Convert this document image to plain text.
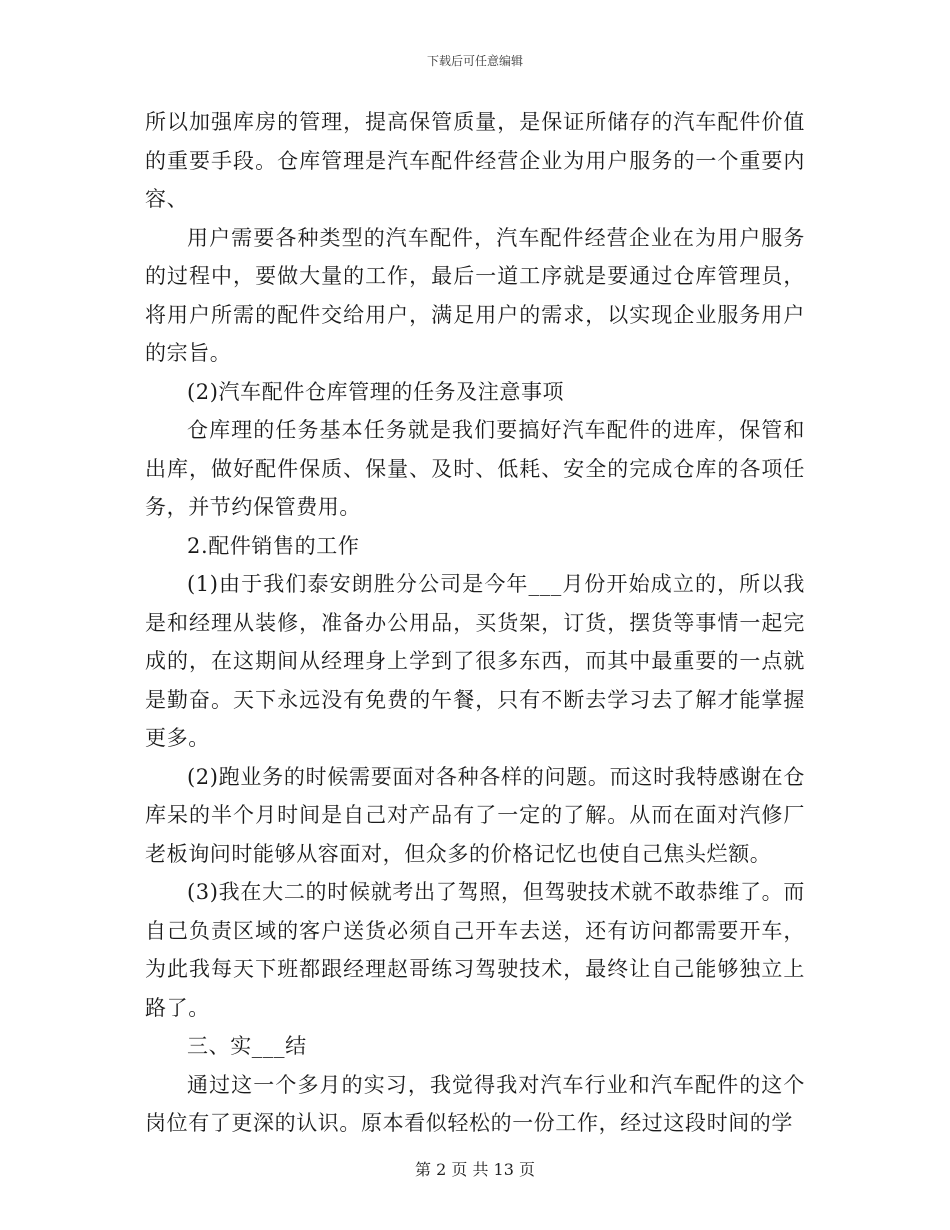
下载后可任意编辑

所以加强库房的管理，提高保管质量，是保证所储存的汽车配件价值的重要手段。仓库管理是汽车配件经营企业为用户服务的一个重要内容、

用户需要各种类型的汽车配件，汽车配件经营企业在为用户服务的过程中，要做大量的工作，最后一道工序就是要通过仓库管理员，将用户所需的配件交给用户，满足用户的需求，以实现企业服务用户的宗旨。

(2)汽车配件仓库管理的任务及注意事项

仓库理的任务基本任务就是我们要搞好汽车配件的进库，保管和出库，做好配件保质、保量、及时、低耗、安全的完成仓库的各项任务，并节约保管费用。

2.配件销售的工作

(1)由于我们泰安朗胜分公司是今年___月份开始成立的，所以我是和经理从装修，准备办公用品，买货架，订货，摆货等事情一起完成的，在这期间从经理身上学到了很多东西，而其中最重要的一点就是勤奋。天下永远没有免费的午餐，只有不断去学习去了解才能掌握更多。

(2)跑业务的时候需要面对各种各样的问题。而这时我特感谢在仓库呆的半个月时间是自己对产品有了一定的了解。从而在面对汽修厂老板询问时能够从容面对，但众多的价格记忆也使自己焦头烂额。

(3)我在大二的时候就考出了驾照，但驾驶技术就不敢恭维了。而自己负责区域的客户送货必须自己开车去送，还有访问都需要开车，为此我每天下班都跟经理赵哥练习驾驶技术，最终让自己能够独立上路了。

三、实___结

通过这一个多月的实习，我觉得我对汽车行业和汽车配件的这个岗位有了更深的认识。原本看似轻松的一份工作，经过这段时间的学

第 2 页 共 13 页
